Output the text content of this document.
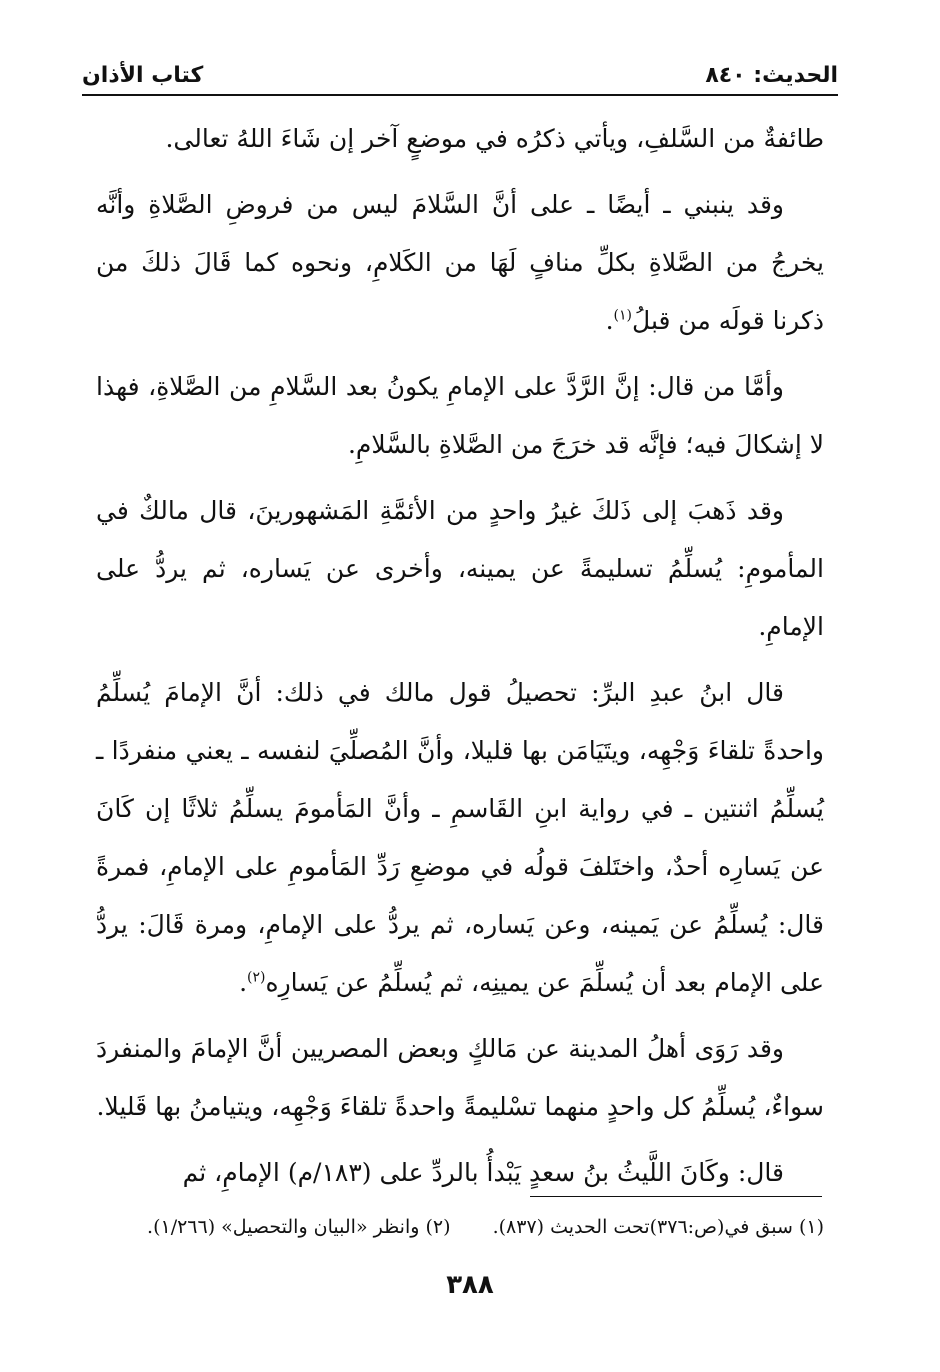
الحديث: ٨٤٠
كتاب الأذان

طائفةٌ من السَّلفِ، ويأتي ذكرُه في موضعٍ آخر إن شَاءَ اللهُ تعالى.

وقد ينبني ـ أيضًا ـ على أنَّ السَّلامَ ليس من فروضِ الصَّلاةِ وأنَّه يخرجُ من الصَّلاةِ بكلِّ منافٍ لَهَا من الكَلامِ، ونحوه كما قَالَ ذلكَ من ذكرنا قولَه من قبلُ$^{(١)}$.

وأمَّا من قال: إنَّ الرَّدَّ على الإمامِ يكونُ بعد السَّلامِ من الصَّلاةِ، فهذا لا إشكالَ فيه؛ فإنَّه قد خرَجَ من الصَّلاةِ بالسَّلامِ.

وقد ذَهبَ إلى ذَلكَ غيرُ واحدٍ من الأئمَّةِ المَشهورينَ، قال مالكٌ في المأمومِ: يُسلِّمُ تسليمةً عن يمينه، وأخرى عن يَساره، ثم يردُّ على الإمامِ.

قال ابنُ عبدِ البرِّ: تحصيلُ قول مالك في ذلك: أنَّ الإمامَ يُسلِّمُ واحدةً تلقاءَ وَجْهِه، ويتَيَامَن بها قليلا، وأنَّ المُصلِّيَ لنفسه ـ يعني منفردًا ـ يُسلِّمُ اثنتين ـ في رواية ابنِ القَاسمِ ـ وأنَّ المَأمومَ يسلِّمُ ثلاثًا إن كَانَ عن يَسارِه أحدٌ، واختَلفَ قولُه في موضعِ رَدِّ المَأمومِ على الإمامِ، فمرةً قال: يُسلِّمُ عن يَمينه، وعن يَساره، ثم يردُّ على الإمامِ، ومرة قَالَ: يردُّ على الإمام بعد أن يُسلِّمَ عن يمينِه، ثم يُسلِّمُ عن يَسارِه$^{(٢)}$.

وقد رَوَى أهلُ المدينة عن مَالكٍ وبعض المصريين أنَّ الإمامَ والمنفردَ سواءٌ، يُسلِّمُ كل واحدٍ منهما تسْليمةً واحدةً تلقاءَ وَجْهِه، ويتيامنُ بها قَليلا.

قال: وكَانَ اللَّيثُ بنُ سعدٍ يَبْدأُ بالردِّ على (١٨٣/م) الإمامِ، ثم

(١) سبق في(ص:٣٧٦)تحت الحديث (٨٣٧). (٢) وانظر «البيان والتحصيل» (١/٢٦٦).
٣٨٨
